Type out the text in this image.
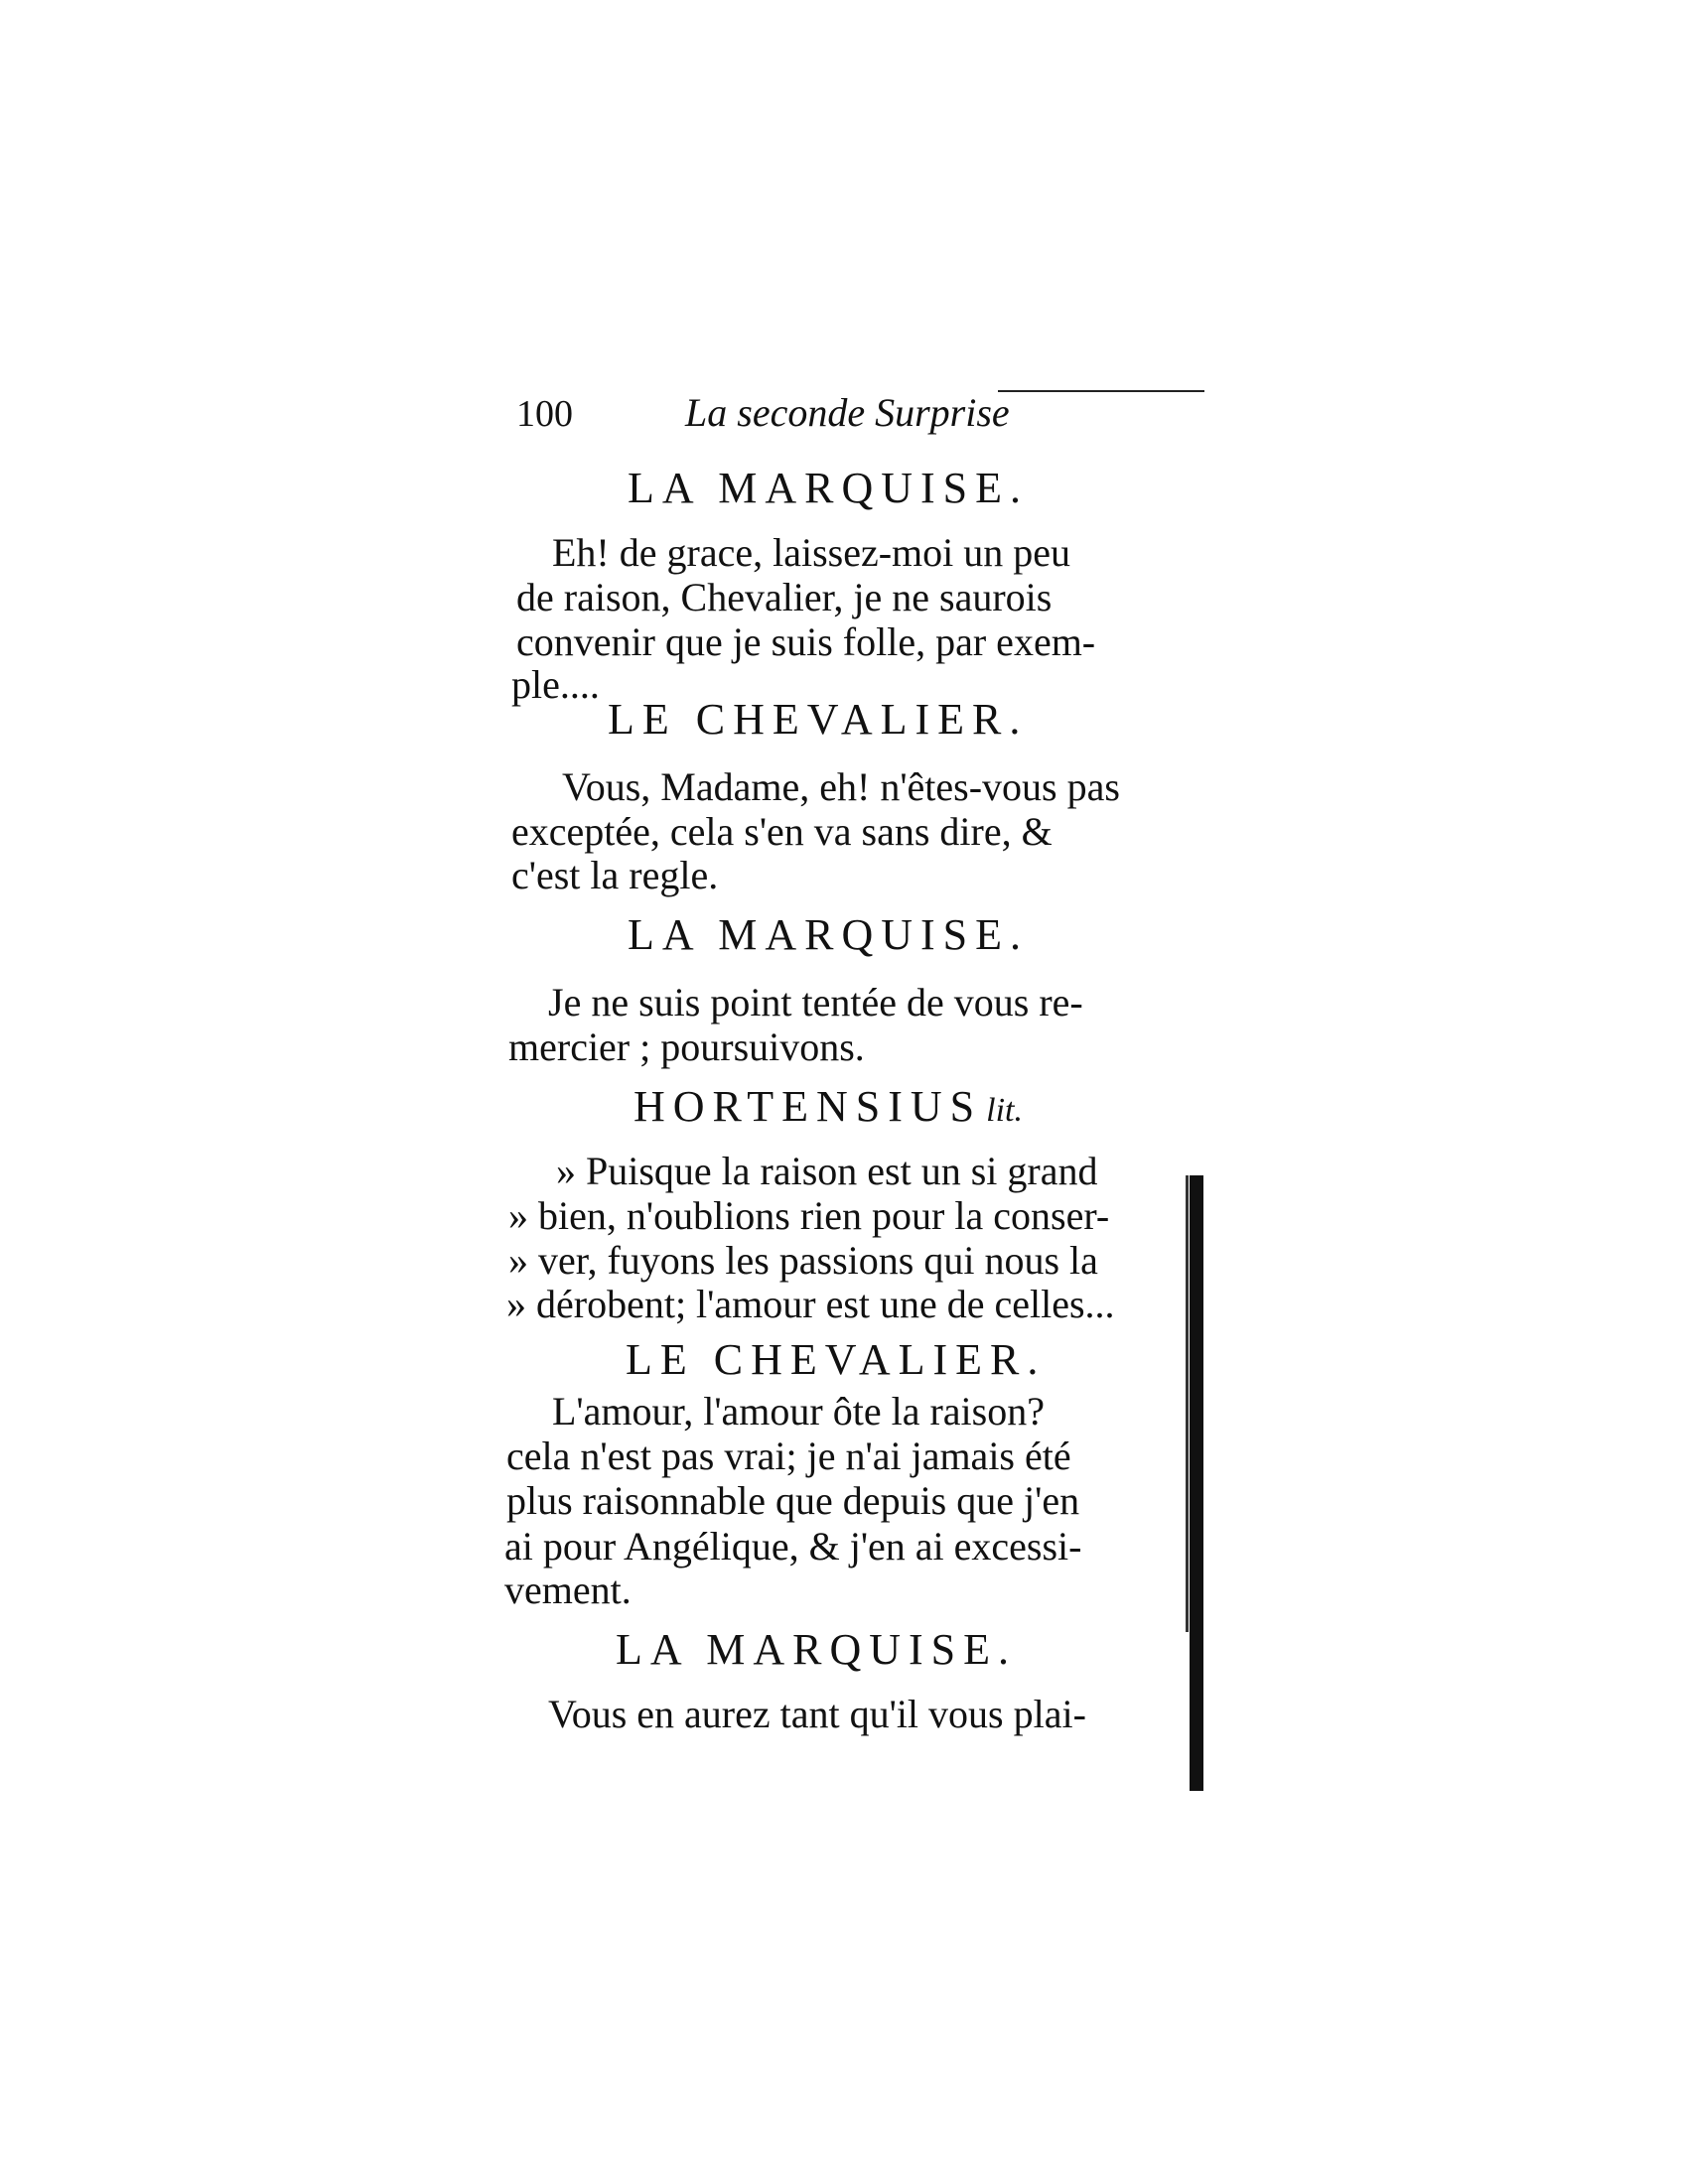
100	La seconde Surprise
LA MARQUISE.
Eh! de grace, laissez-moi un peu
de raison, Chevalier, je ne saurois
convenir que je suis folle, par exem-
ple....
LE CHEVALIER.
Vous, Madame, eh! n'êtes-vous pas
exceptée, cela s'en va sans dire, &
c'est la regle.
LA MARQUISE.
Je ne suis point tentée de vous re-
mercier ; poursuivons.
HORTENSIUS lit.
» Puisque la raison est un si grand
» bien, n'oublions rien pour la conser-
» ver, fuyons les passions qui nous la
» dérobent; l'amour est une de celles...
LE CHEVALIER.
L'amour, l'amour ôte la raison?
cela n'est pas vrai; je n'ai jamais été
plus raisonnable que depuis que j'en
ai pour Angélique, & j'en ai excessi-
vement.
LA MARQUISE.
Vous en aurez tant qu'il vous plai-
